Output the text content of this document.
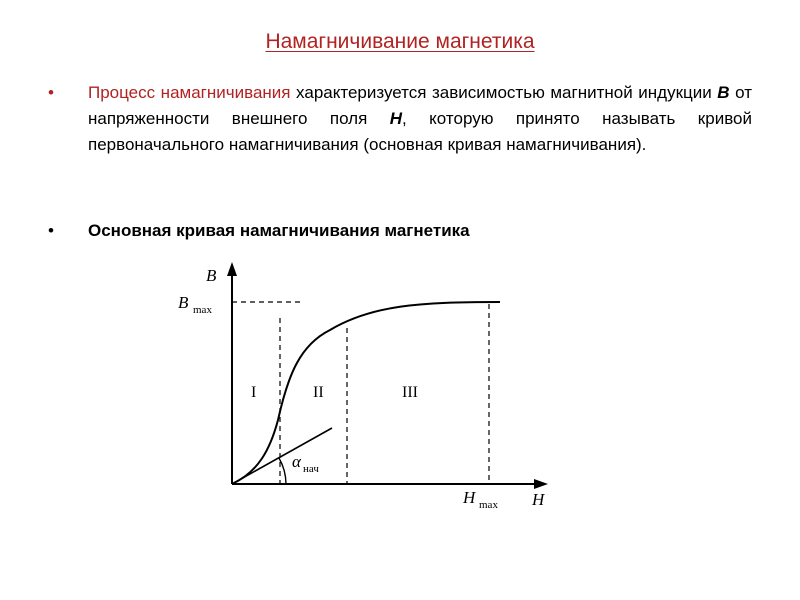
Намагничивание магнетика
•	Процесс намагничивания характеризуется зависимостью магнитной индукции B от напряженности внешнего поля H, которую принято называть кривой первоначального намагничивания (основная кривая намагничивания).
•	Основная кривая намагничивания магнетика
B
H
B max
H max
I	II	III
α нач
